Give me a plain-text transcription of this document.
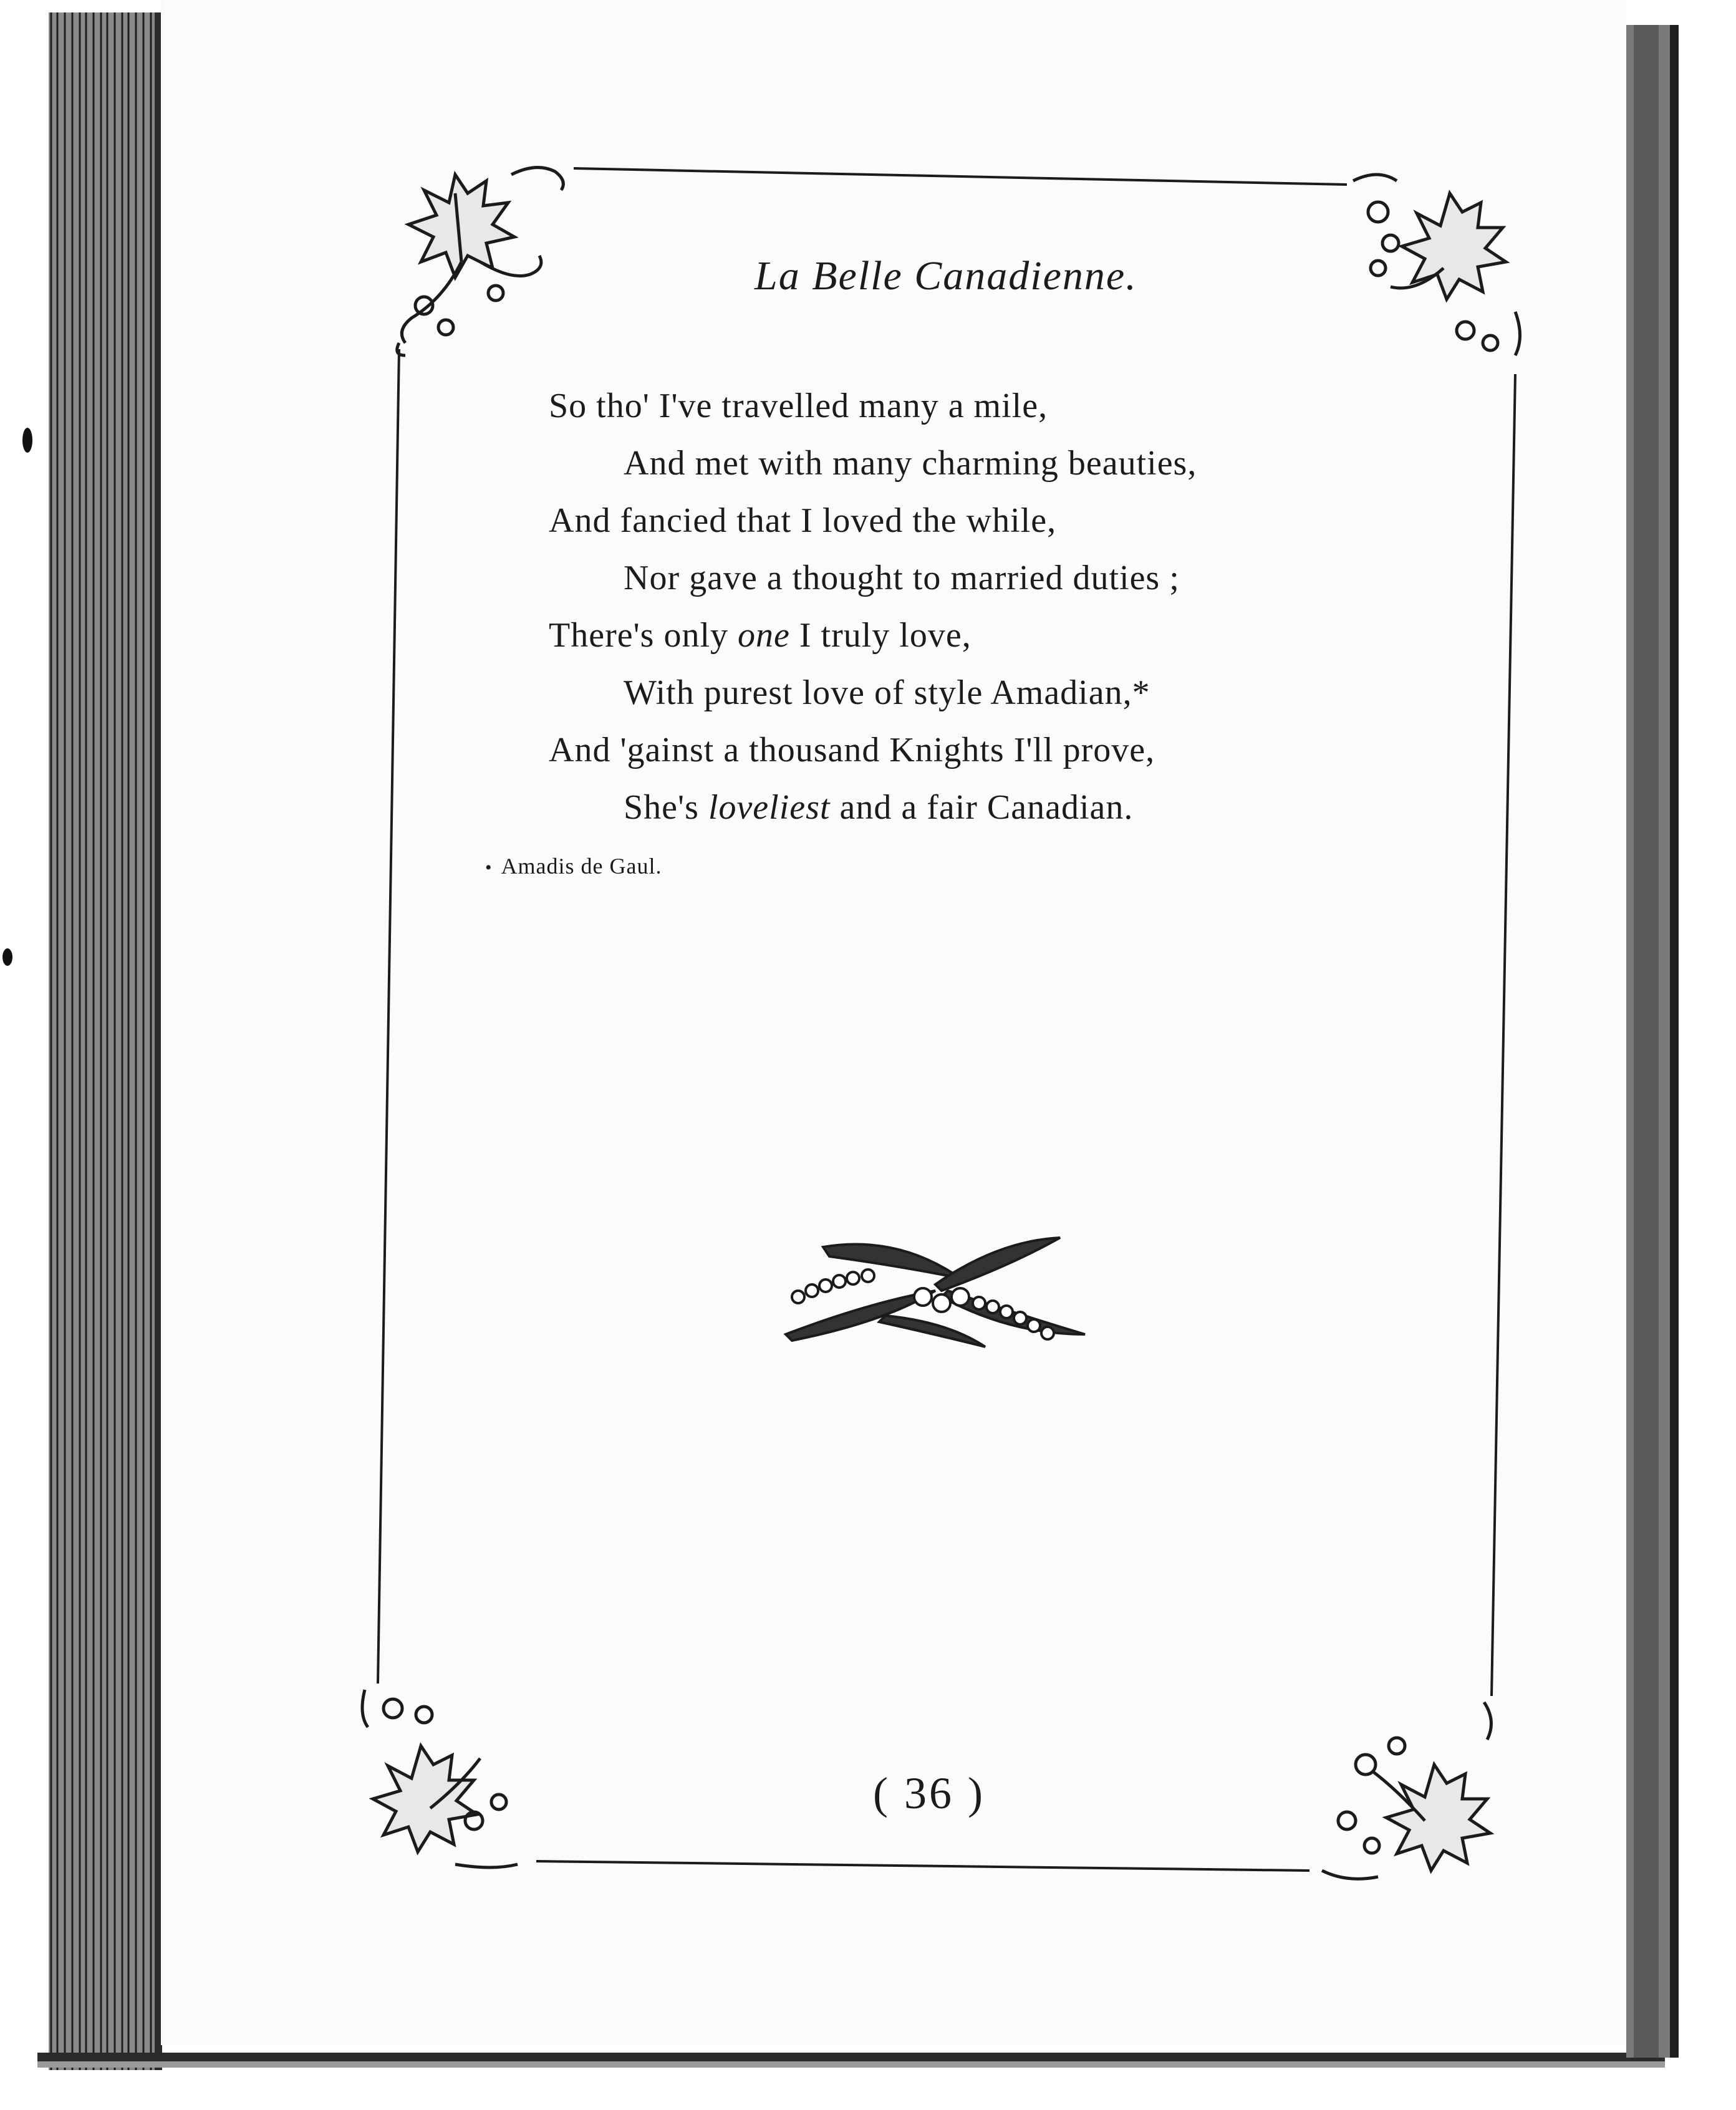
La Belle Canadienne.
So tho' I've travelled many a mile,
And met with many charming beauties,
And fancied that I loved the while,
Nor gave a thought to married duties ;
There's only one I truly love,
With purest love of style Amadian,*
And 'gainst a thousand Knights I'll prove,
She's loveliest and a fair Canadian.
• Amadis de Gaul.
( 36 )
